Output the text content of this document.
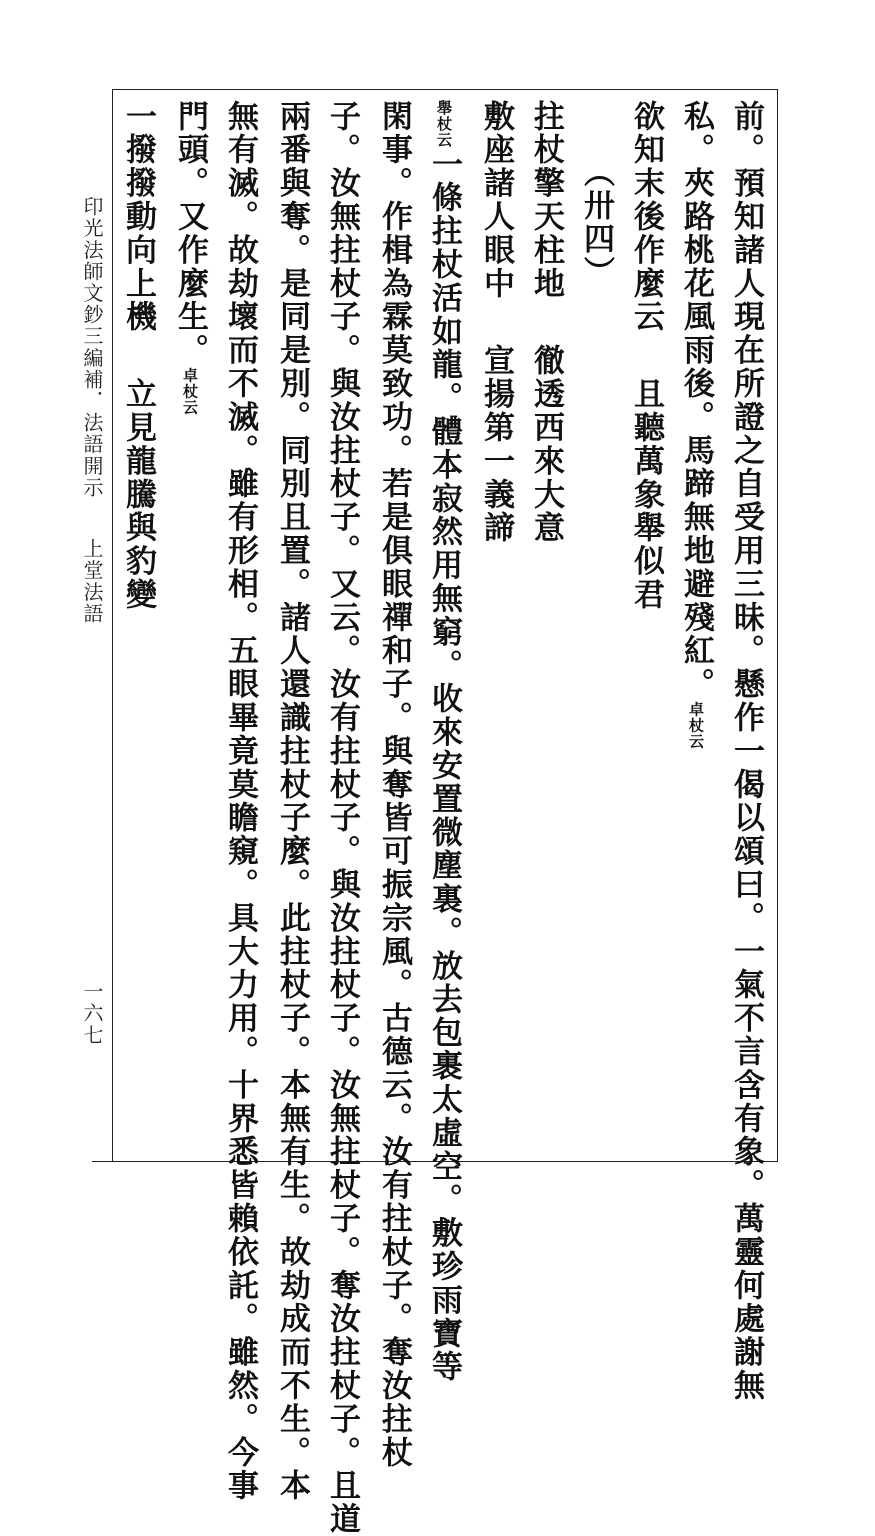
前。預知諸人現在所證之自受用三昧。懸作一偈以頌曰。一氣不言含有象。萬靈何處謝無
私。夾路桃花風雨後。馬蹄無地避殘紅。卓杖云
欲知末後作麼云且聽萬象舉似君
（卅四）
拄杖擎天柱地徹透西來大意
敷座諸人眼中宣揚第一義諦
舉杖云一條拄杖活如龍。體本寂然用無窮。收來安置微塵裏。放去包裹太虛空。敷珍雨寶等
閑事。作楫為霖莫致功。若是俱眼禪和子。與奪皆可振宗風。古德云。汝有拄杖子。奪汝拄杖
子。汝無拄杖子。與汝拄杖子。又云。汝有拄杖子。與汝拄杖子。汝無拄杖子。奪汝拄杖子。且道
兩番與奪。是同是別。同別且置。諸人還識拄杖子麼。此拄杖子。本無有生。故劫成而不生。本
無有滅。故劫壞而不滅。雖有形相。五眼畢竟莫瞻窺。具大力用。十界悉皆賴依託。雖然。今事
門頭。又作麼生。卓杖云
一撥撥動向上機立見龍騰與豹變
印光法師文鈔三編補．法語開示
上堂法語
一六七
